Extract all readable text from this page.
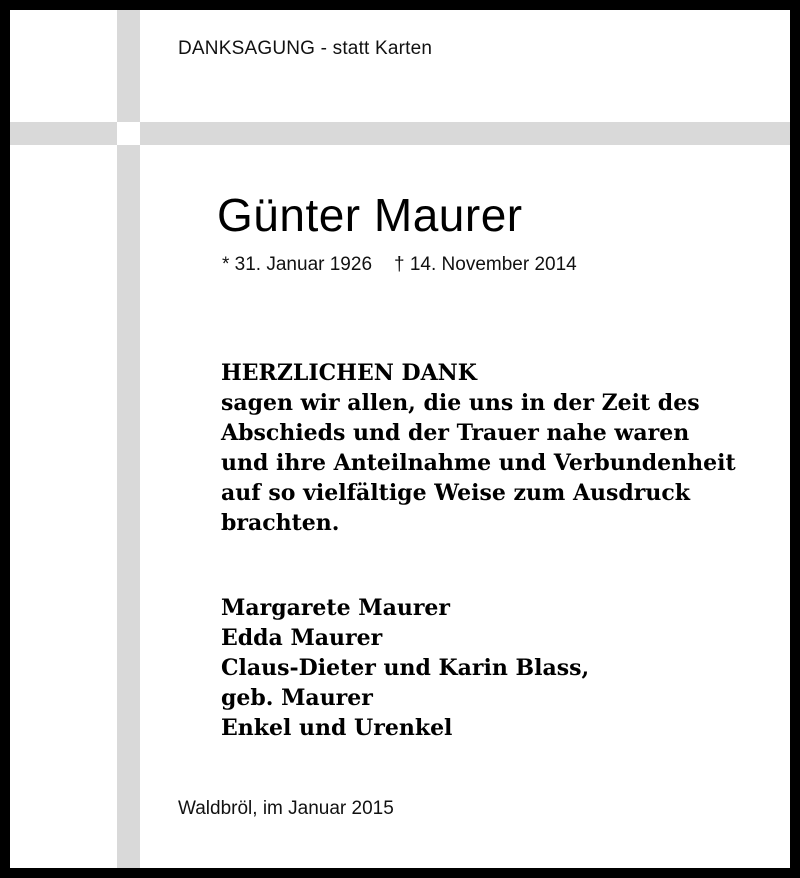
DANKSAGUNG - statt Karten
Günter Maurer
* 31. Januar 1926 † 14. November 2014
HERZLICHEN DANK
sagen wir allen, die uns in der Zeit des
Abschieds und der Trauer nahe waren
und ihre Anteilnahme und Verbundenheit
auf so vielfältige Weise zum Ausdruck
brachten.
Margarete Maurer
Edda Maurer
Claus-Dieter und Karin Blass,
geb. Maurer
Enkel und Urenkel
Waldbröl, im Januar 2015
